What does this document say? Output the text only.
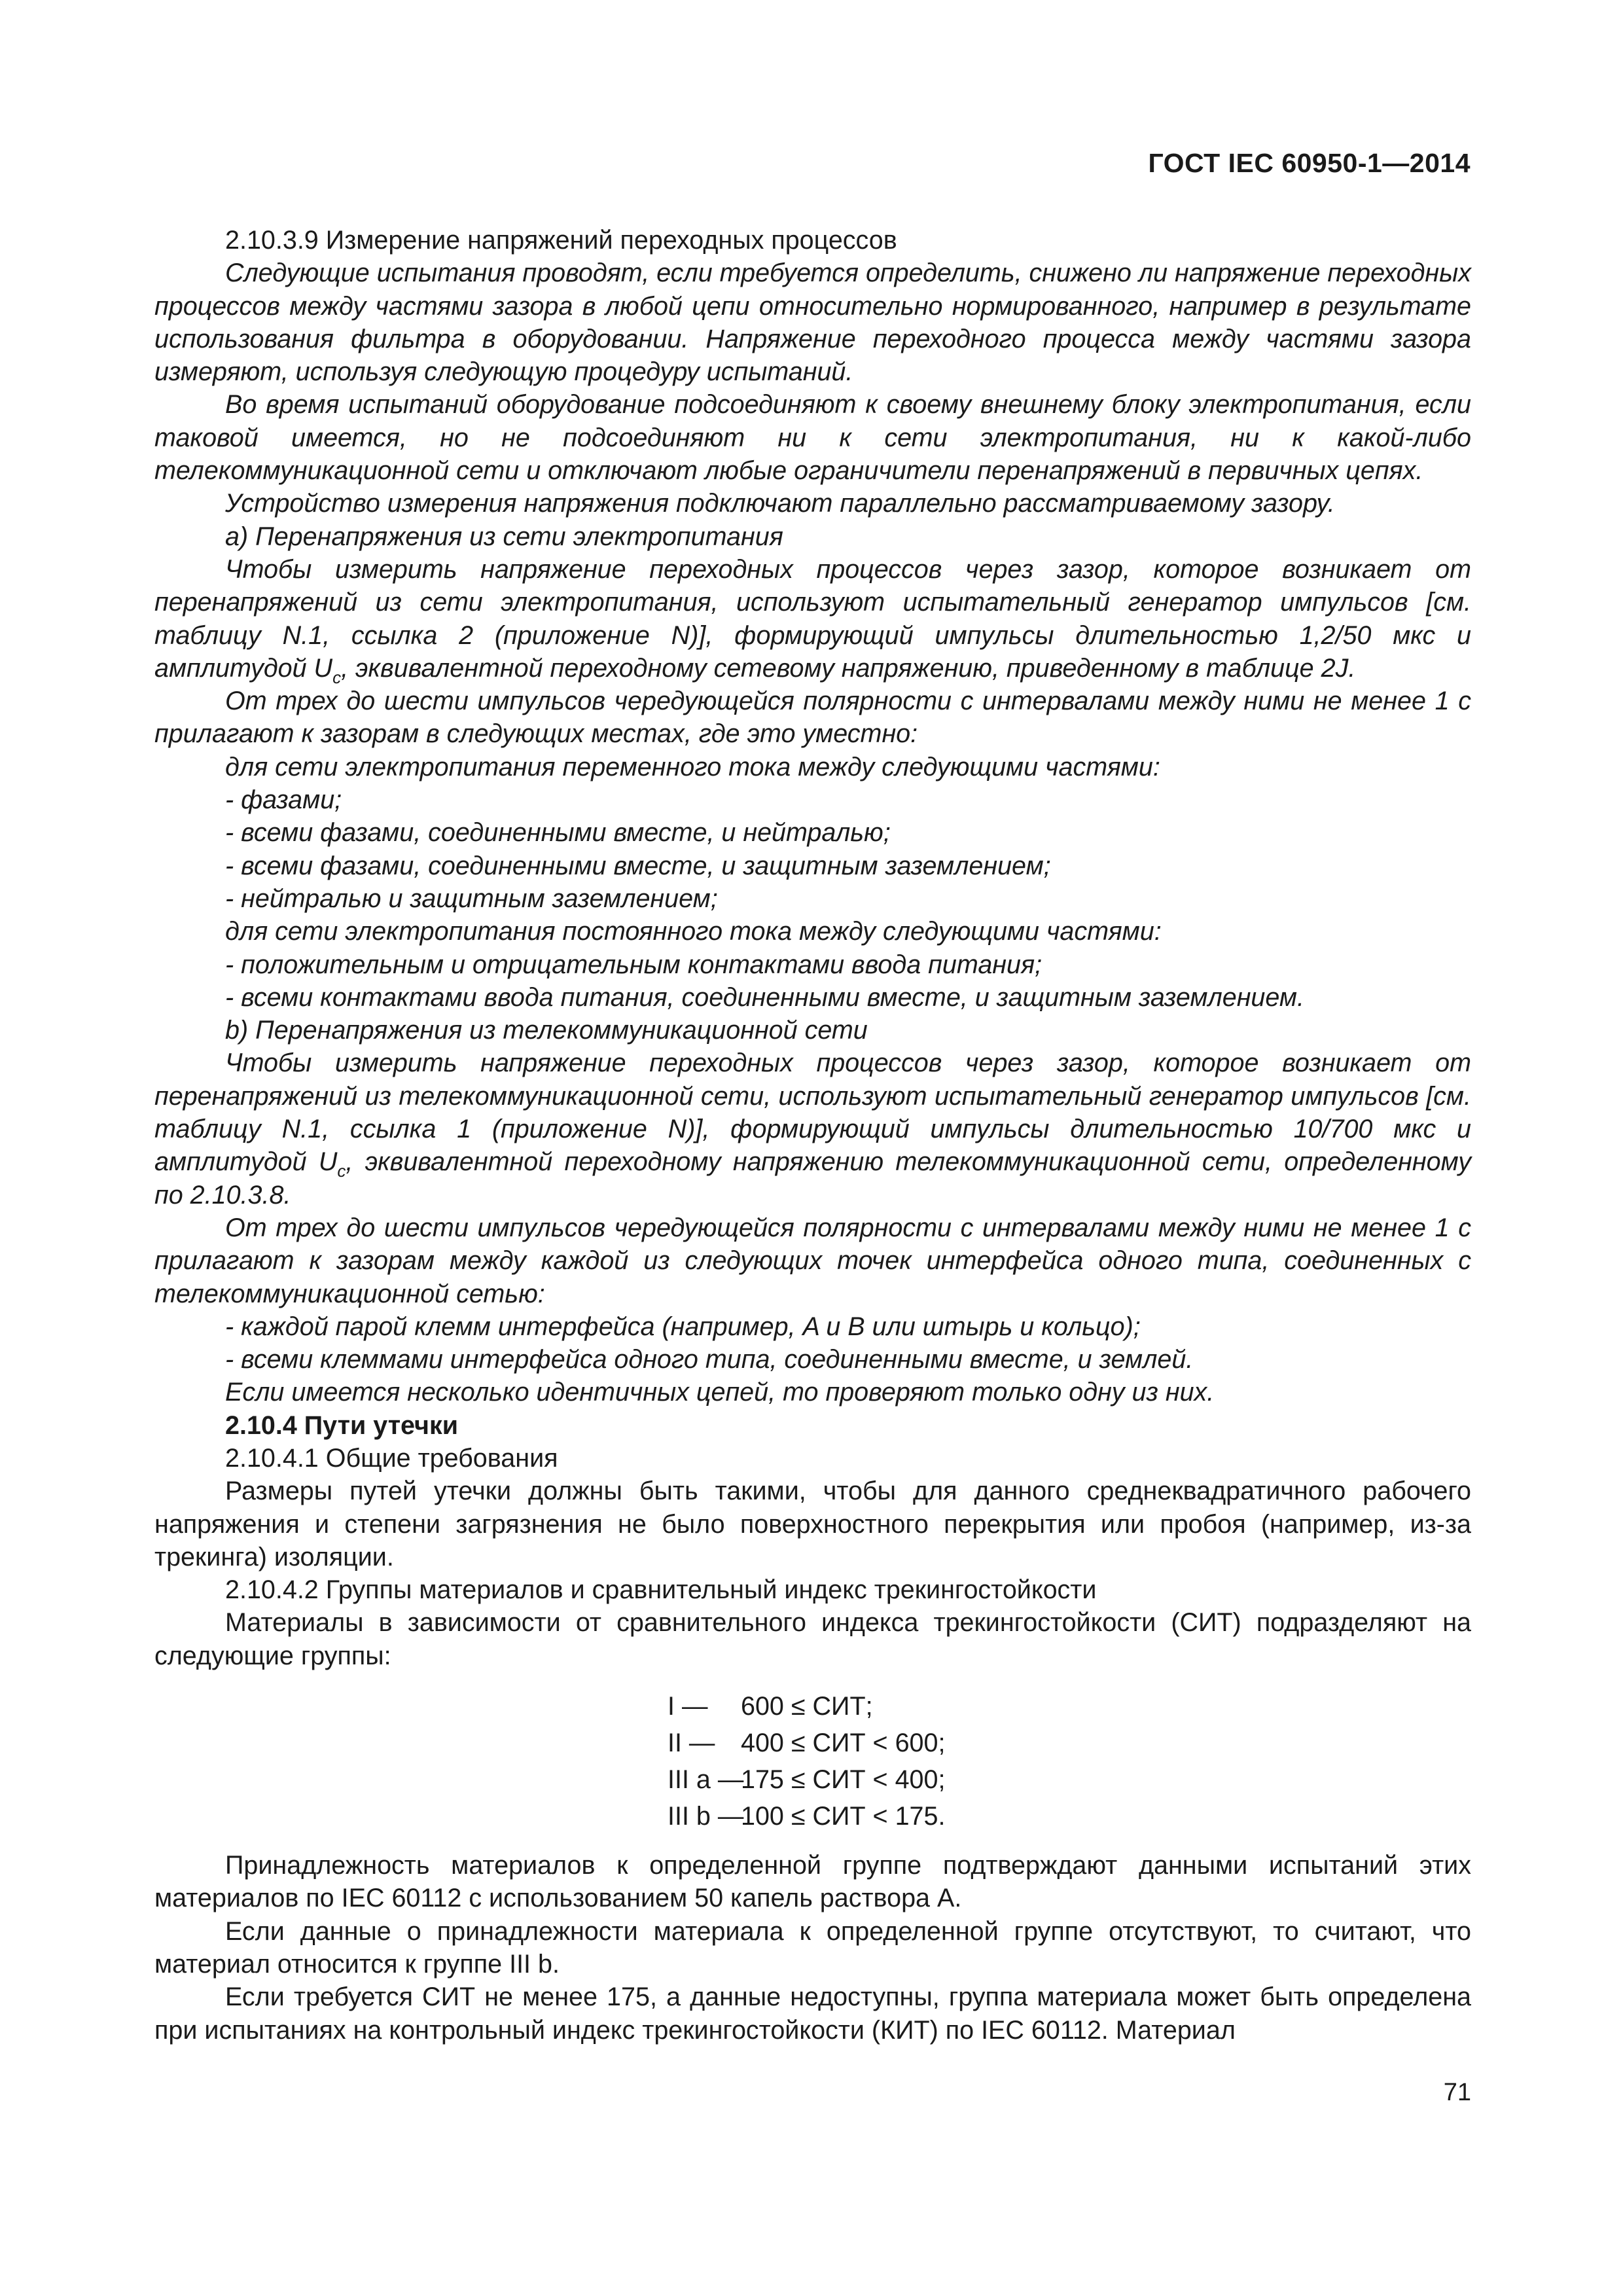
ГОСТ IEC 60950-1—2014

2.10.3.9 Измерение напряжений переходных процессов

Следующие испытания проводят, если требуется определить, снижено ли напряжение переходных процессов между частями зазора в любой цепи относительно нормированного, например в результате использования фильтра в оборудовании. Напряжение переходного процесса между частями зазора измеряют, используя следующую процедуру испытаний.

Во время испытаний оборудование подсоединяют к своему внешнему блоку электропитания, если таковой имеется, но не подсоединяют ни к сети электропитания, ни к какой-либо телекоммуникационной сети и отключают любые ограничители перенапряжений в первичных цепях.

Устройство измерения напряжения подключают параллельно рассматриваемому зазору.

a) Перенапряжения из сети электропитания

Чтобы измерить напряжение переходных процессов через зазор, которое возникает от перенапряжений из сети электропитания, используют испытательный генератор импульсов [см. таблицу N.1, ссылка 2 (приложение N)], формирующий импульсы длительностью 1,2/50 мкс и амплитудой $U_c$, эквивалентной переходному сетевому напряжению, приведенному в таблице 2J.

От трех до шести импульсов чередующейся полярности с интервалами между ними не менее 1 с прилагают к зазорам в следующих местах, где это уместно:

для сети электропитания переменного тока между следующими частями:

- фазами;

- всеми фазами, соединенными вместе, и нейтралью;

- всеми фазами, соединенными вместе, и защитным заземлением;

- нейтралью и защитным заземлением;

для сети электропитания постоянного тока между следующими частями:

- положительным и отрицательным контактами ввода питания;

- всеми контактами ввода питания, соединенными вместе, и защитным заземлением.

b) Перенапряжения из телекоммуникационной сети

Чтобы измерить напряжение переходных процессов через зазор, которое возникает от перенапряжений из телекоммуникационной сети, используют испытательный генератор импульсов [см. таблицу N.1, ссылка 1 (приложение N)], формирующий импульсы длительностью 10/700 мкс и амплитудой $U_c$, эквивалентной переходному напряжению телекоммуникационной сети, определенному по 2.10.3.8.

От трех до шести импульсов чередующейся полярности с интервалами между ними не менее 1 с прилагают к зазорам между каждой из следующих точек интерфейса одного типа, соединенных с телекоммуникационной сетью:

- каждой парой клемм интерфейса (например, A и B или штырь и кольцо);

- всеми клеммами интерфейса одного типа, соединенными вместе, и землей.

Если имеется несколько идентичных цепей, то проверяют только одну из них.

2.10.4 Пути утечки

2.10.4.1 Общие требования

Размеры путей утечки должны быть такими, чтобы для данного среднеквадратичного рабочего напряжения и степени загрязнения не было поверхностного перекрытия или пробоя (например, из-за трекинга) изоляции.

2.10.4.2 Группы материалов и сравнительный индекс трекингостойкости

Материалы в зависимости от сравнительного индекса трекингостойкости (СИТ) подразделяют на следующие группы:

I — 600 ≤ СИТ;
II — 400 ≤ СИТ < 600;
III a —175 ≤ СИТ < 400;
III b —100 ≤ СИТ < 175.

Принадлежность материалов к определенной группе подтверждают данными испытаний этих материалов по IEC 60112 с использованием 50 капель раствора A.

Если данные о принадлежности материала к определенной группе отсутствуют, то считают, что материал относится к группе III b.

Если требуется СИТ не менее 175, а данные недоступны, группа материала может быть определена при испытаниях на контрольный индекс трекингостойкости (КИТ) по IEC 60112. Материал

71
